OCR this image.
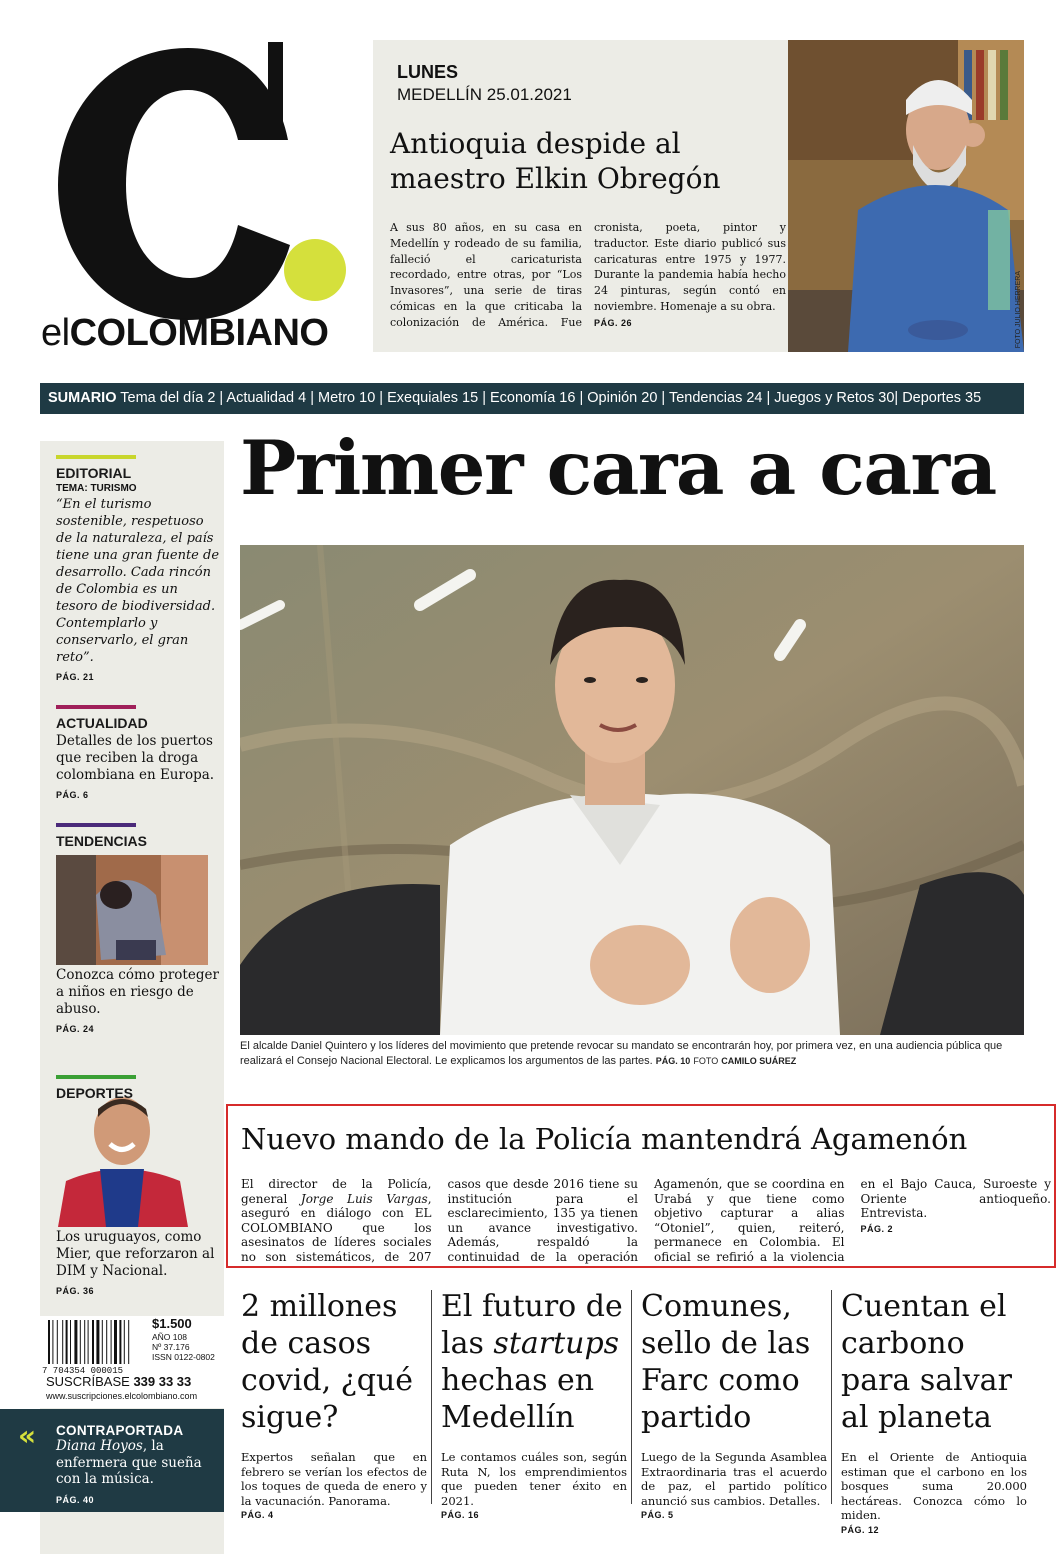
elCOLOMBIANO
LUNES
MEDELLÍN 25.01.2021
Antioquia despide al maestro Elkin Obregón
A sus 80 años, en su casa en Medellín y rodeado de su familia, falleció el caricaturista recordado, entre otras, por “Los Invasores”, una serie de tiras cómicas en la que criticaba la colonización de América. Fue cronista, poeta, pintor y traductor. Este diario publicó sus caricaturas entre 1975 y 1977. Durante la pandemia había hecho 24 pinturas, según contó en noviembre. Homenaje a su obra.
PÁG. 26	FOTO JULIO HERRERA
SUMARIO Tema del día 2 | Actualidad 4 | Metro 10 | Exequiales 15 | Economía 16 | Opinión 20 | Tendencias 24 | Juegos y Retos 30| Deportes 35
EDITORIAL
TEMA: TURISMO
“En el turismo sostenible, respetuoso de la naturaleza, el país tiene una gran fuente de desarrollo. Cada rincón de Colombia es un tesoro de biodiversidad. Contemplarlo y conservarlo, el gran reto”.
PÁG. 21
ACTUALIDAD
Detalles de los puertos que reciben la droga colombiana en Europa.
PÁG. 6
TENDENCIAS
Conozca cómo proteger a niños en riesgo de abuso.
PÁG. 24
DEPORTES
Los uruguayos, como Mier, que reforzaron al DIM y Nacional.
PÁG. 36
7 704354 000015
$1.500
AÑO 108
Nº 37.176
ISSN 0122-0802
SUSCRÍBASE 339 33 33
www.suscripciones.elcolombiano.com
« CONTRAPORTADA
Diana Hoyos, la enfermera que sueña con la música.
PÁG. 40
Primer cara a cara
El alcalde Daniel Quintero y los líderes del movimiento que pretende revocar su mandato se encontrarán hoy, por primera vez, en una audiencia pública que realizará el Consejo Nacional Electoral. Le explicamos los argumentos de las partes. PÁG. 10 FOTO CAMILO SUÁREZ
Nuevo mando de la Policía mantendrá Agamenón
El director de la Policía, general Jorge Luis Vargas, aseguró en diálogo con EL COLOMBIANO que los asesinatos de líderes sociales no son sistemáticos, de 207 casos que desde 2016 tiene su institución para el esclarecimiento, 135 ya tienen un avance investigativo. Además, respaldó la continuidad de la operación Agamenón, que se coordina en Urabá y que tiene como objetivo capturar a alias “Otoniel”, quien, reiteró, permanece en Colombia. El oficial se refirió a la violencia en el Bajo Cauca, Suroeste y Oriente antioqueño. Entrevista.
PÁG. 2
2 millones de casos covid, ¿qué sigue?
Expertos señalan que en febrero se verían los efectos de los toques de queda de enero y la vacunación. Panorama.
PÁG. 4
El futuro de las startups hechas en Medellín
Le contamos cuáles son, según Ruta N, los emprendimientos que pueden tener éxito en 2021.
PÁG. 16
Comunes, sello de las Farc como partido
Luego de la Segunda Asamblea Extraordinaria tras el acuerdo de paz, el partido político anunció sus cambios. Detalles.
PÁG. 5
Cuentan el carbono para salvar al planeta
En el Oriente de Antioquia estiman que el carbono en los bosques suma 20.000 hectáreas. Conozca cómo lo miden.
PÁG. 12
